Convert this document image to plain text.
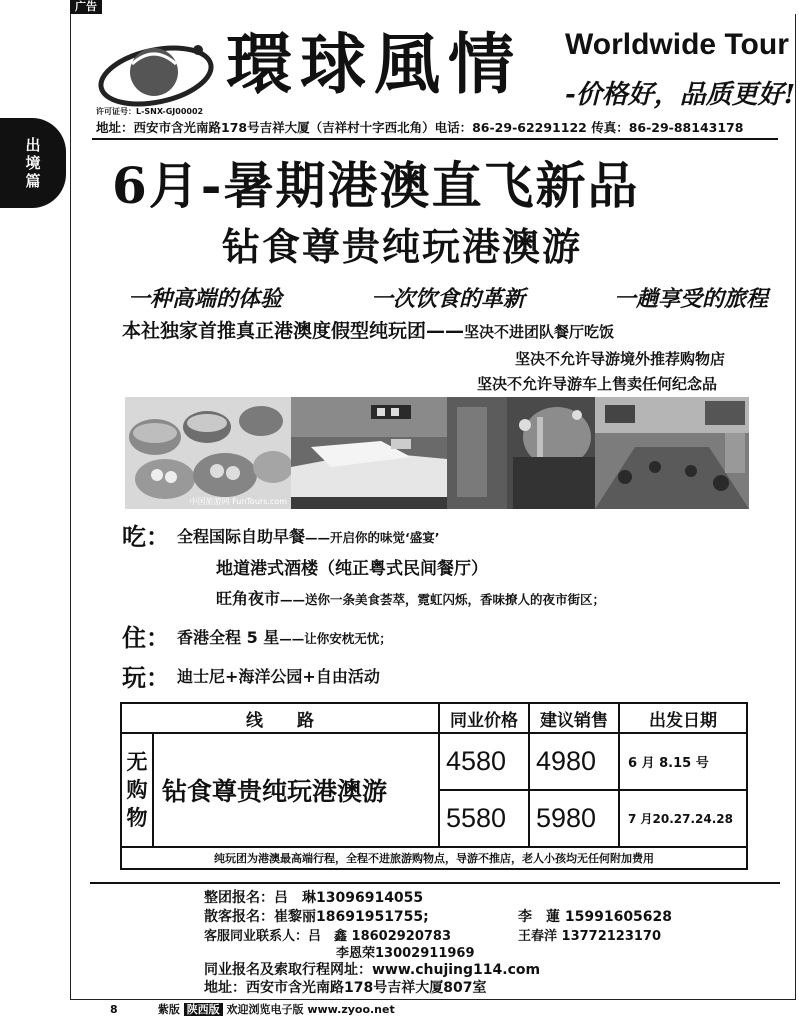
广告
出
境
篇
環球風情 Worldwide Tour
-价格好，品质更好!
许可证号：L-SNX-GJ00002
地址：西安市含光南路178号吉祥大厦（吉祥村十字西北角）电话：86-29-62291122 传真：86-29-88143178
6月-暑期港澳直飞新品
钻食尊贵纯玩港澳游
一种高端的体验	一次饮食的革新	一趟享受的旅程
本社独家首推真正港澳度假型纯玩团——坚决不进团队餐厅吃饭
坚决不允许导游境外推荐购物店
坚决不允许导游车上售卖任何纪念品
中国旅游网 FunTours.com
吃： 全程国际自助早餐——开启你的味觉‘盛宴’
地道港式酒楼（纯正粤式民间餐厅）
旺角夜市——送你一条美食荟萃，霓虹闪烁，香味撩人的夜市街区；
住： 香港全程 5 星——让你安枕无忧；
玩： 迪士尼+海洋公园+自由活动
线　　路		同业价格	建议销售	出发日期

无
购
物	钻食尊贵纯玩港澳游	4580	4980	6 月 8.15 号
		5580	5980	7 月20.27.24.28
纯玩团为港澳最高端行程，全程不进旅游购物点，导游不推店，老人小孩均无任何附加费用				
整团报名：吕　琳13096914055
散客报名：崔黎丽18691951755;	李　蓮 15991605628
客服同业联系人：吕　鑫 18602920783	王春洋 13772123170
李恩荣13002911969
同业报名及索取行程网址：www.chujing114.com
地址：西安市含光南路178号吉祥大厦807室
8	紫版 陕西版 欢迎浏览电子版 www.zyoo.net
